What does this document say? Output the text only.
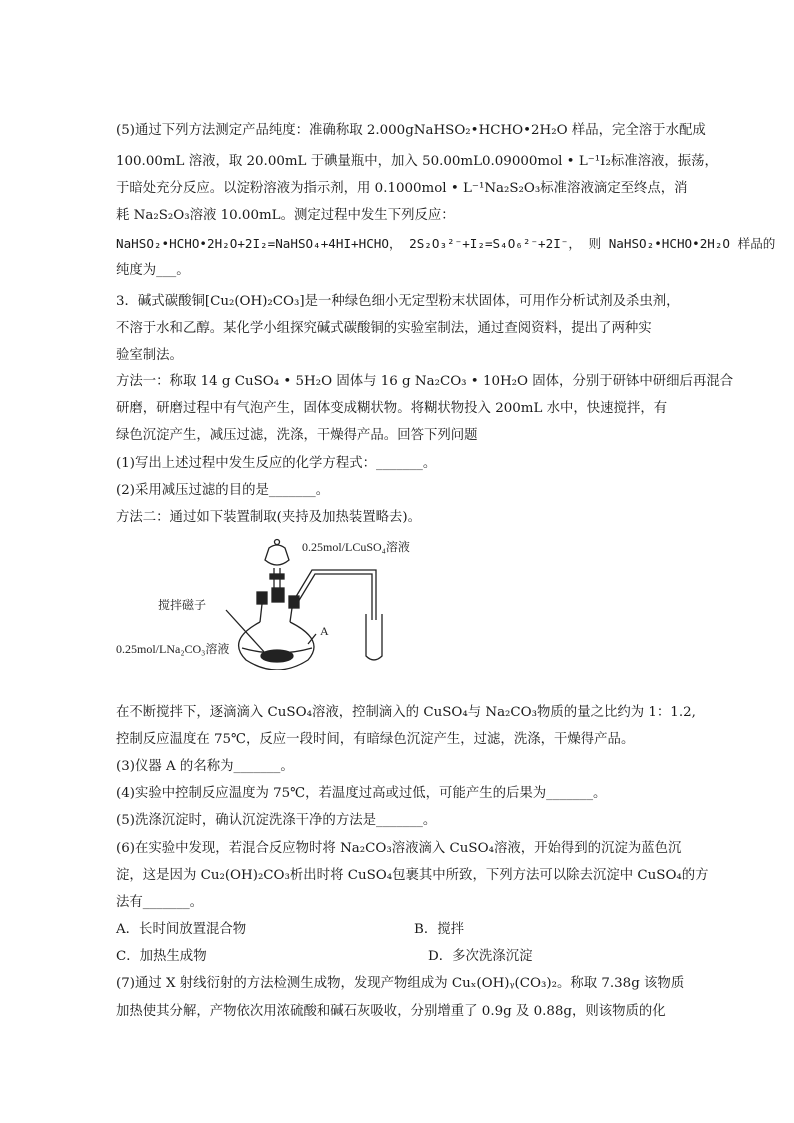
(5)通过下列方法测定产品纯度：准确称取 2.000gNaHSO₂•HCHO•2H₂O 样品，完全溶于水配成
100.00mL 溶液，取 20.00mL 于碘量瓶中，加入 50.00mL0.09000mol • L⁻¹I₂标准溶液，振荡，
于暗处充分反应。以淀粉溶液为指示剂，用 0.1000mol • L⁻¹Na₂S₂O₃标准溶液滴定至终点，消
耗 Na₂S₂O₃溶液 10.00mL。测定过程中发生下列反应：
NaHSO₂•HCHO•2H₂O+2I₂=NaHSO₄+4HI+HCHO， 2S₂O₃²⁻+I₂=S₄O₆²⁻+2I⁻， 则 NaHSO₂•HCHO•2H₂O 样品的
纯度为___。
3．碱式碳酸铜[Cu₂(OH)₂CO₃]是一种绿色细小无定型粉末状固体，可用作分析试剂及杀虫剂，
不溶于水和乙醇。某化学小组探究碱式碳酸铜的实验室制法，通过查阅资料，提出了两种实
验室制法。
方法一：称取 14 g CuSO₄ • 5H₂O 固体与 16 g Na₂CO₃ • 10H₂O 固体，分别于研钵中研细后再混合
研磨，研磨过程中有气泡产生，固体变成糊状物。将糊状物投入 200mL 水中，快速搅拌，有
绿色沉淀产生，减压过滤，洗涤，干燥得产品。回答下列问题
(1)写出上述过程中发生反应的化学方程式：_______。
(2)采用减压过滤的目的是_______。
方法二：通过如下装置制取(夹持及加热装置略去)。
0.25mol/LCuSO₄溶液
搅拌磁子
A
0.25mol/LNa₂CO₃溶液
在不断搅拌下，逐滴滴入 CuSO₄溶液，控制滴入的 CuSO₄与 Na₂CO₃物质的量之比约为 1：1.2,
控制反应温度在 75℃，反应一段时间，有暗绿色沉淀产生，过滤，洗涤，干燥得产品。
(3)仪器 A 的名称为_______。
(4)实验中控制反应温度为 75℃，若温度过高或过低，可能产生的后果为_______。
(5)洗涤沉淀时，确认沉淀洗涤干净的方法是_______。
(6)在实验中发现，若混合反应物时将 Na₂CO₃溶液滴入 CuSO₄溶液，开始得到的沉淀为蓝色沉
淀，这是因为 Cu₂(OH)₂CO₃析出时将 CuSO₄包裹其中所致，下列方法可以除去沉淀中 CuSO₄的方
法有_______。
A．长时间放置混合物	B．搅拌
C．加热生成物	D．多次洗涤沉淀
(7)通过 X 射线衍射的方法检测生成物，发现产物组成为 Cuₓ(OH)ᵧ(CO₃)₂。称取 7.38g 该物质
加热使其分解，产物依次用浓硫酸和碱石灰吸收，分别增重了 0.9g 及 0.88g，则该物质的化
